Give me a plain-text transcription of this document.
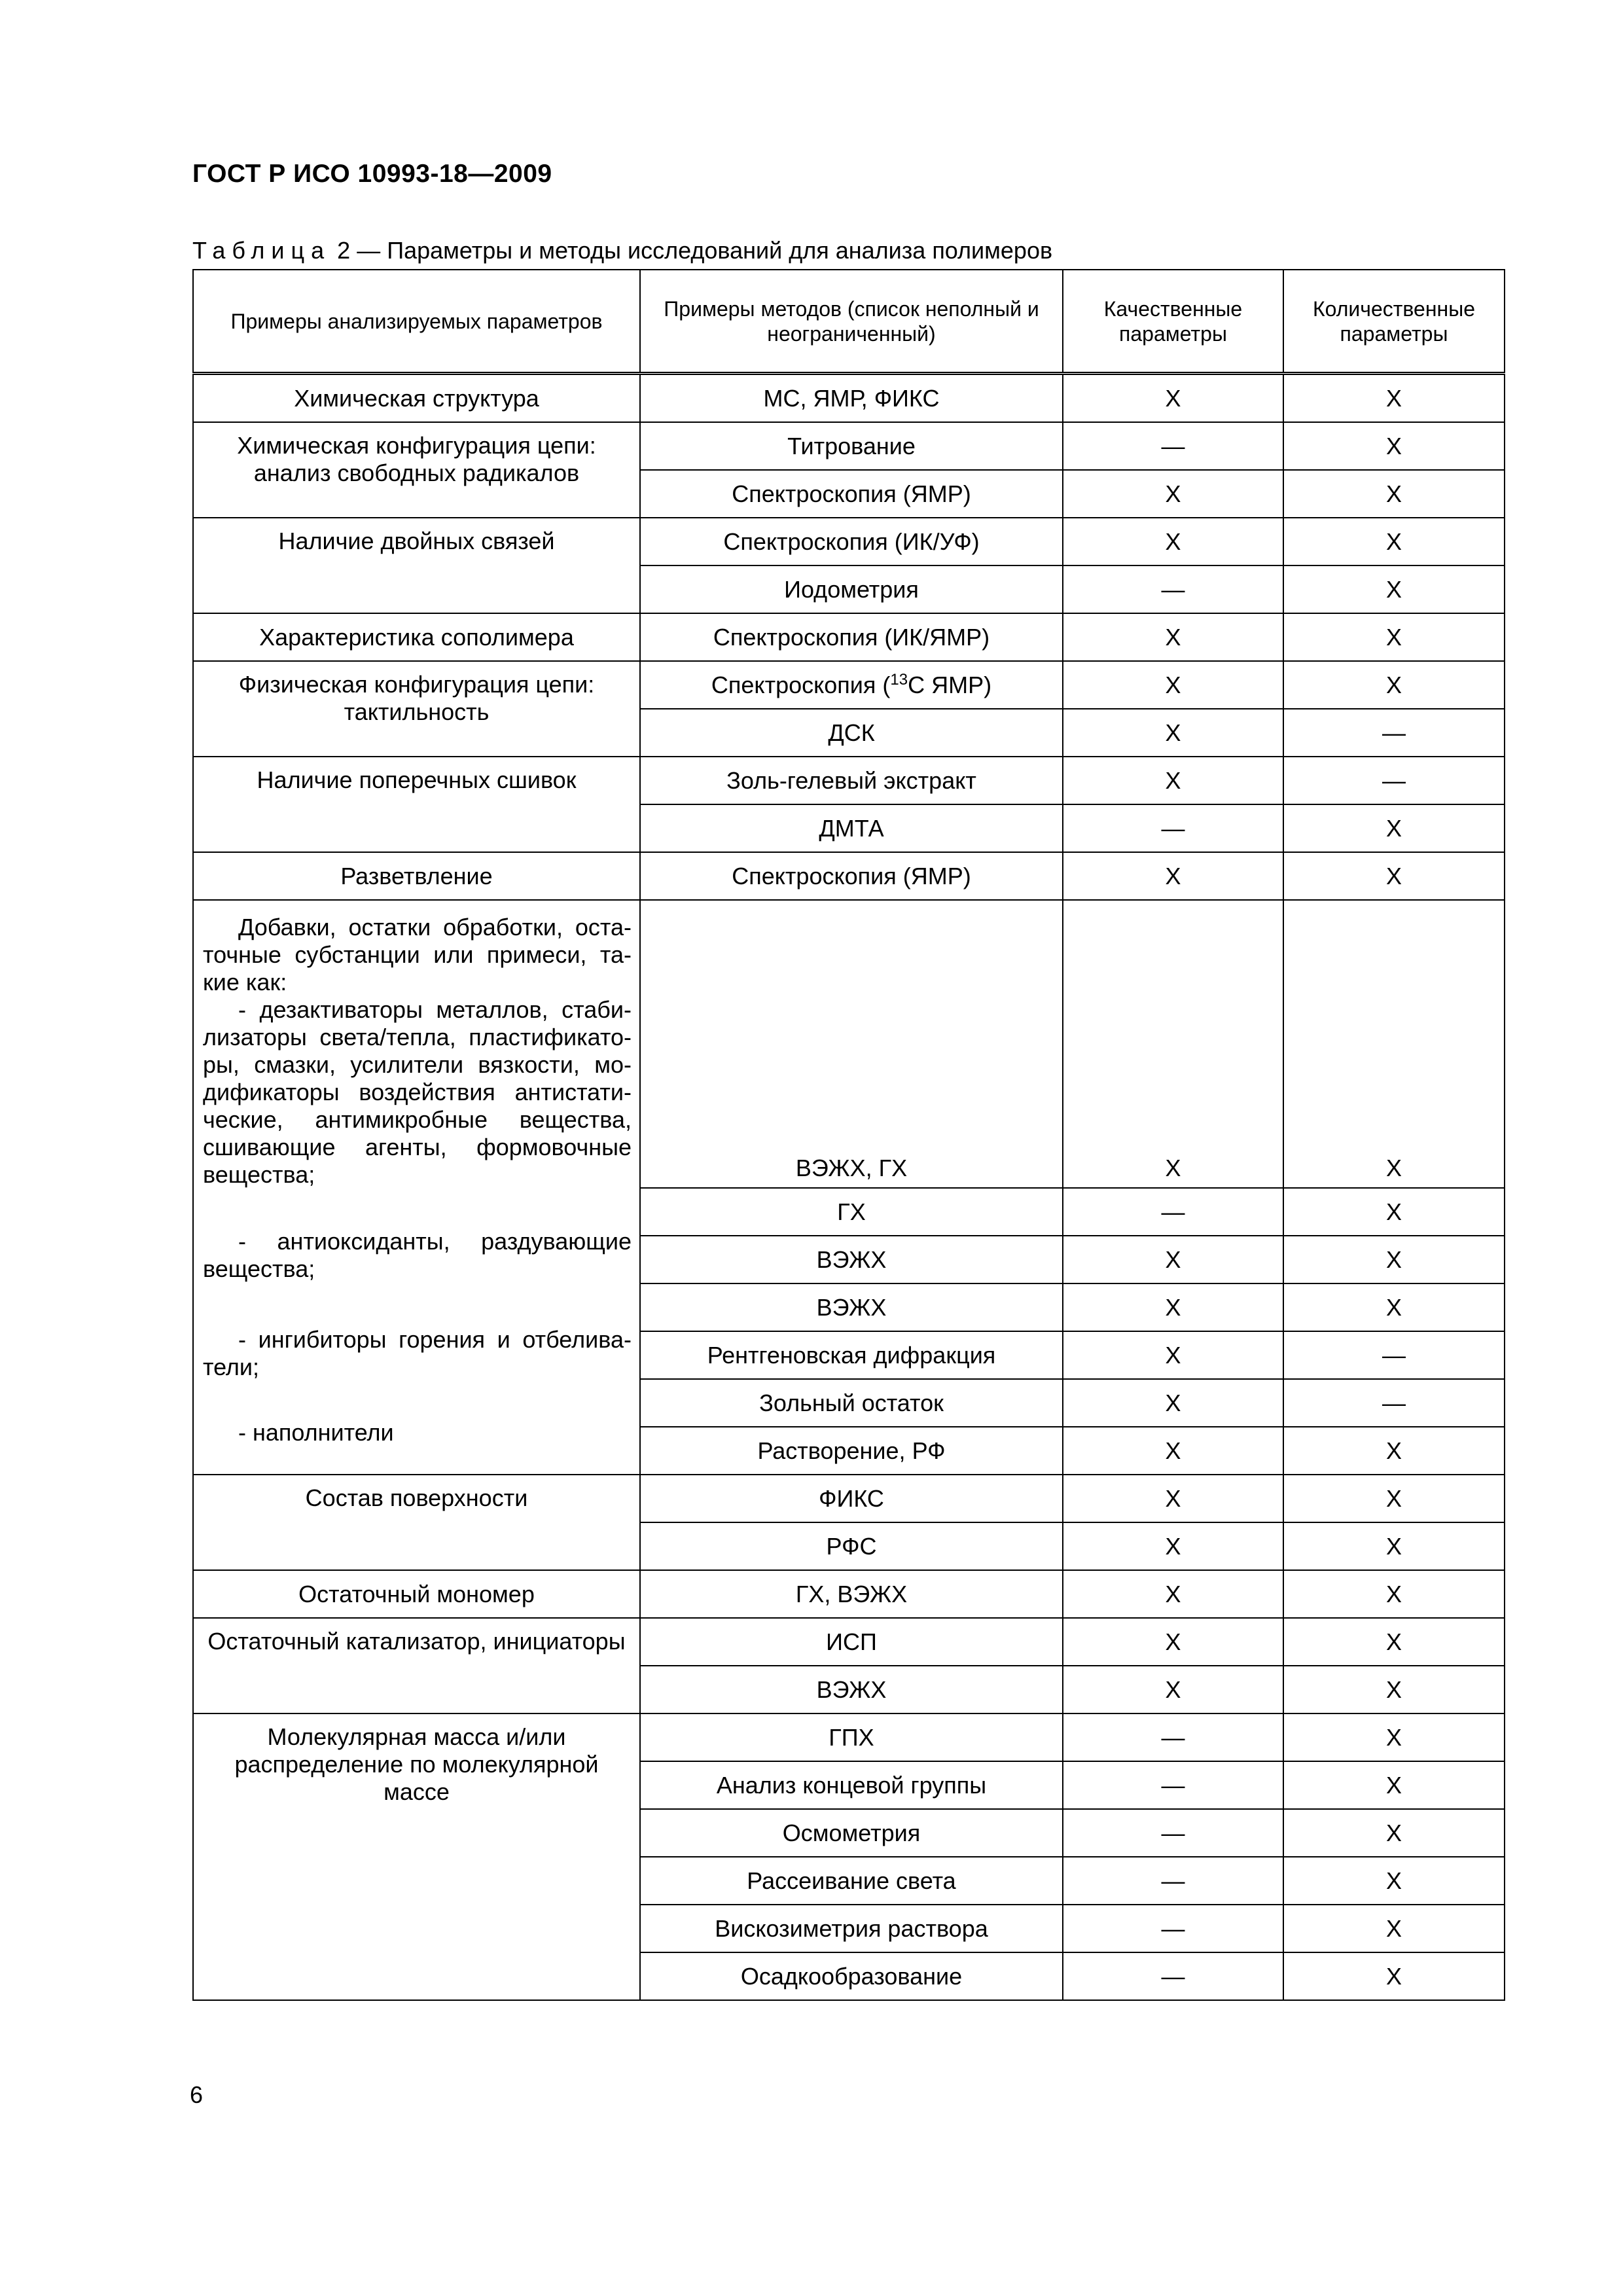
ГОСТ Р ИСО 10993-18—2009
Таблица 2 — Параметры и методы исследований для анализа полимеров
Примеры анализируемых параметров	Примеры методов (список неполный и неограниченный)	Качественные параметры	Количественные параметры
Химическая структура	МС, ЯМР, ФИКС	X	X
Химическая конфигурация цепи: анализ свободных радикалов	Титрование	—	X
	Спектроскопия (ЯМР)	X	X
Наличие двойных связей	Спектроскопия (ИК/УФ)	X	X
	Иодометрия	—	X
Характеристика сополимера	Спектроскопия (ИК/ЯМР)	X	X
Физическая конфигурация цепи: тактильность	Спектроскопия ($^{13}$С ЯМР)	X	X
	ДСК	X	—
Наличие поперечных сшивок	Золь-гелевый экстракт	X	—
	ДМТА	—	X
Разветвление	Спектроскопия (ЯМР)	X	X

Добавки, остатки обработки, остаточные субстанции или примеси, такие как:
- дезактиваторы металлов, стабилизаторы света/тепла, пластификаторы, смазки, усилители вязкости, модификаторы воздействия антистатические, антимикробные вещества, сшивающие агенты, формовочные вещества;
- антиоксиданты, раздувающие вещества;
- ингибиторы горения и отбеливатели;
- наполнители	ВЭЖХ, ГХ	X	X
	ГХ	—	X
	ВЭЖХ	X	X
	ВЭЖХ	X	X
	Рентгеновская дифракция	X	—
	Зольный остаток	X	—
	Растворение, РФ	X	X
Состав поверхности	ФИКС	X	X
	РФС	X	X
Остаточный мономер	ГХ, ВЭЖХ	X	X
Остаточный катализатор, инициаторы	ИСП	X	X
	ВЭЖХ	X	X
Молекулярная масса и/или распределение по молекулярной массе	ГПХ	—	X
	Анализ концевой группы	—	X
	Осмометрия	—	X
	Рассеивание света	—	X
	Вискозиметрия раствора	—	X
	Осадкообразование	—	X
6
